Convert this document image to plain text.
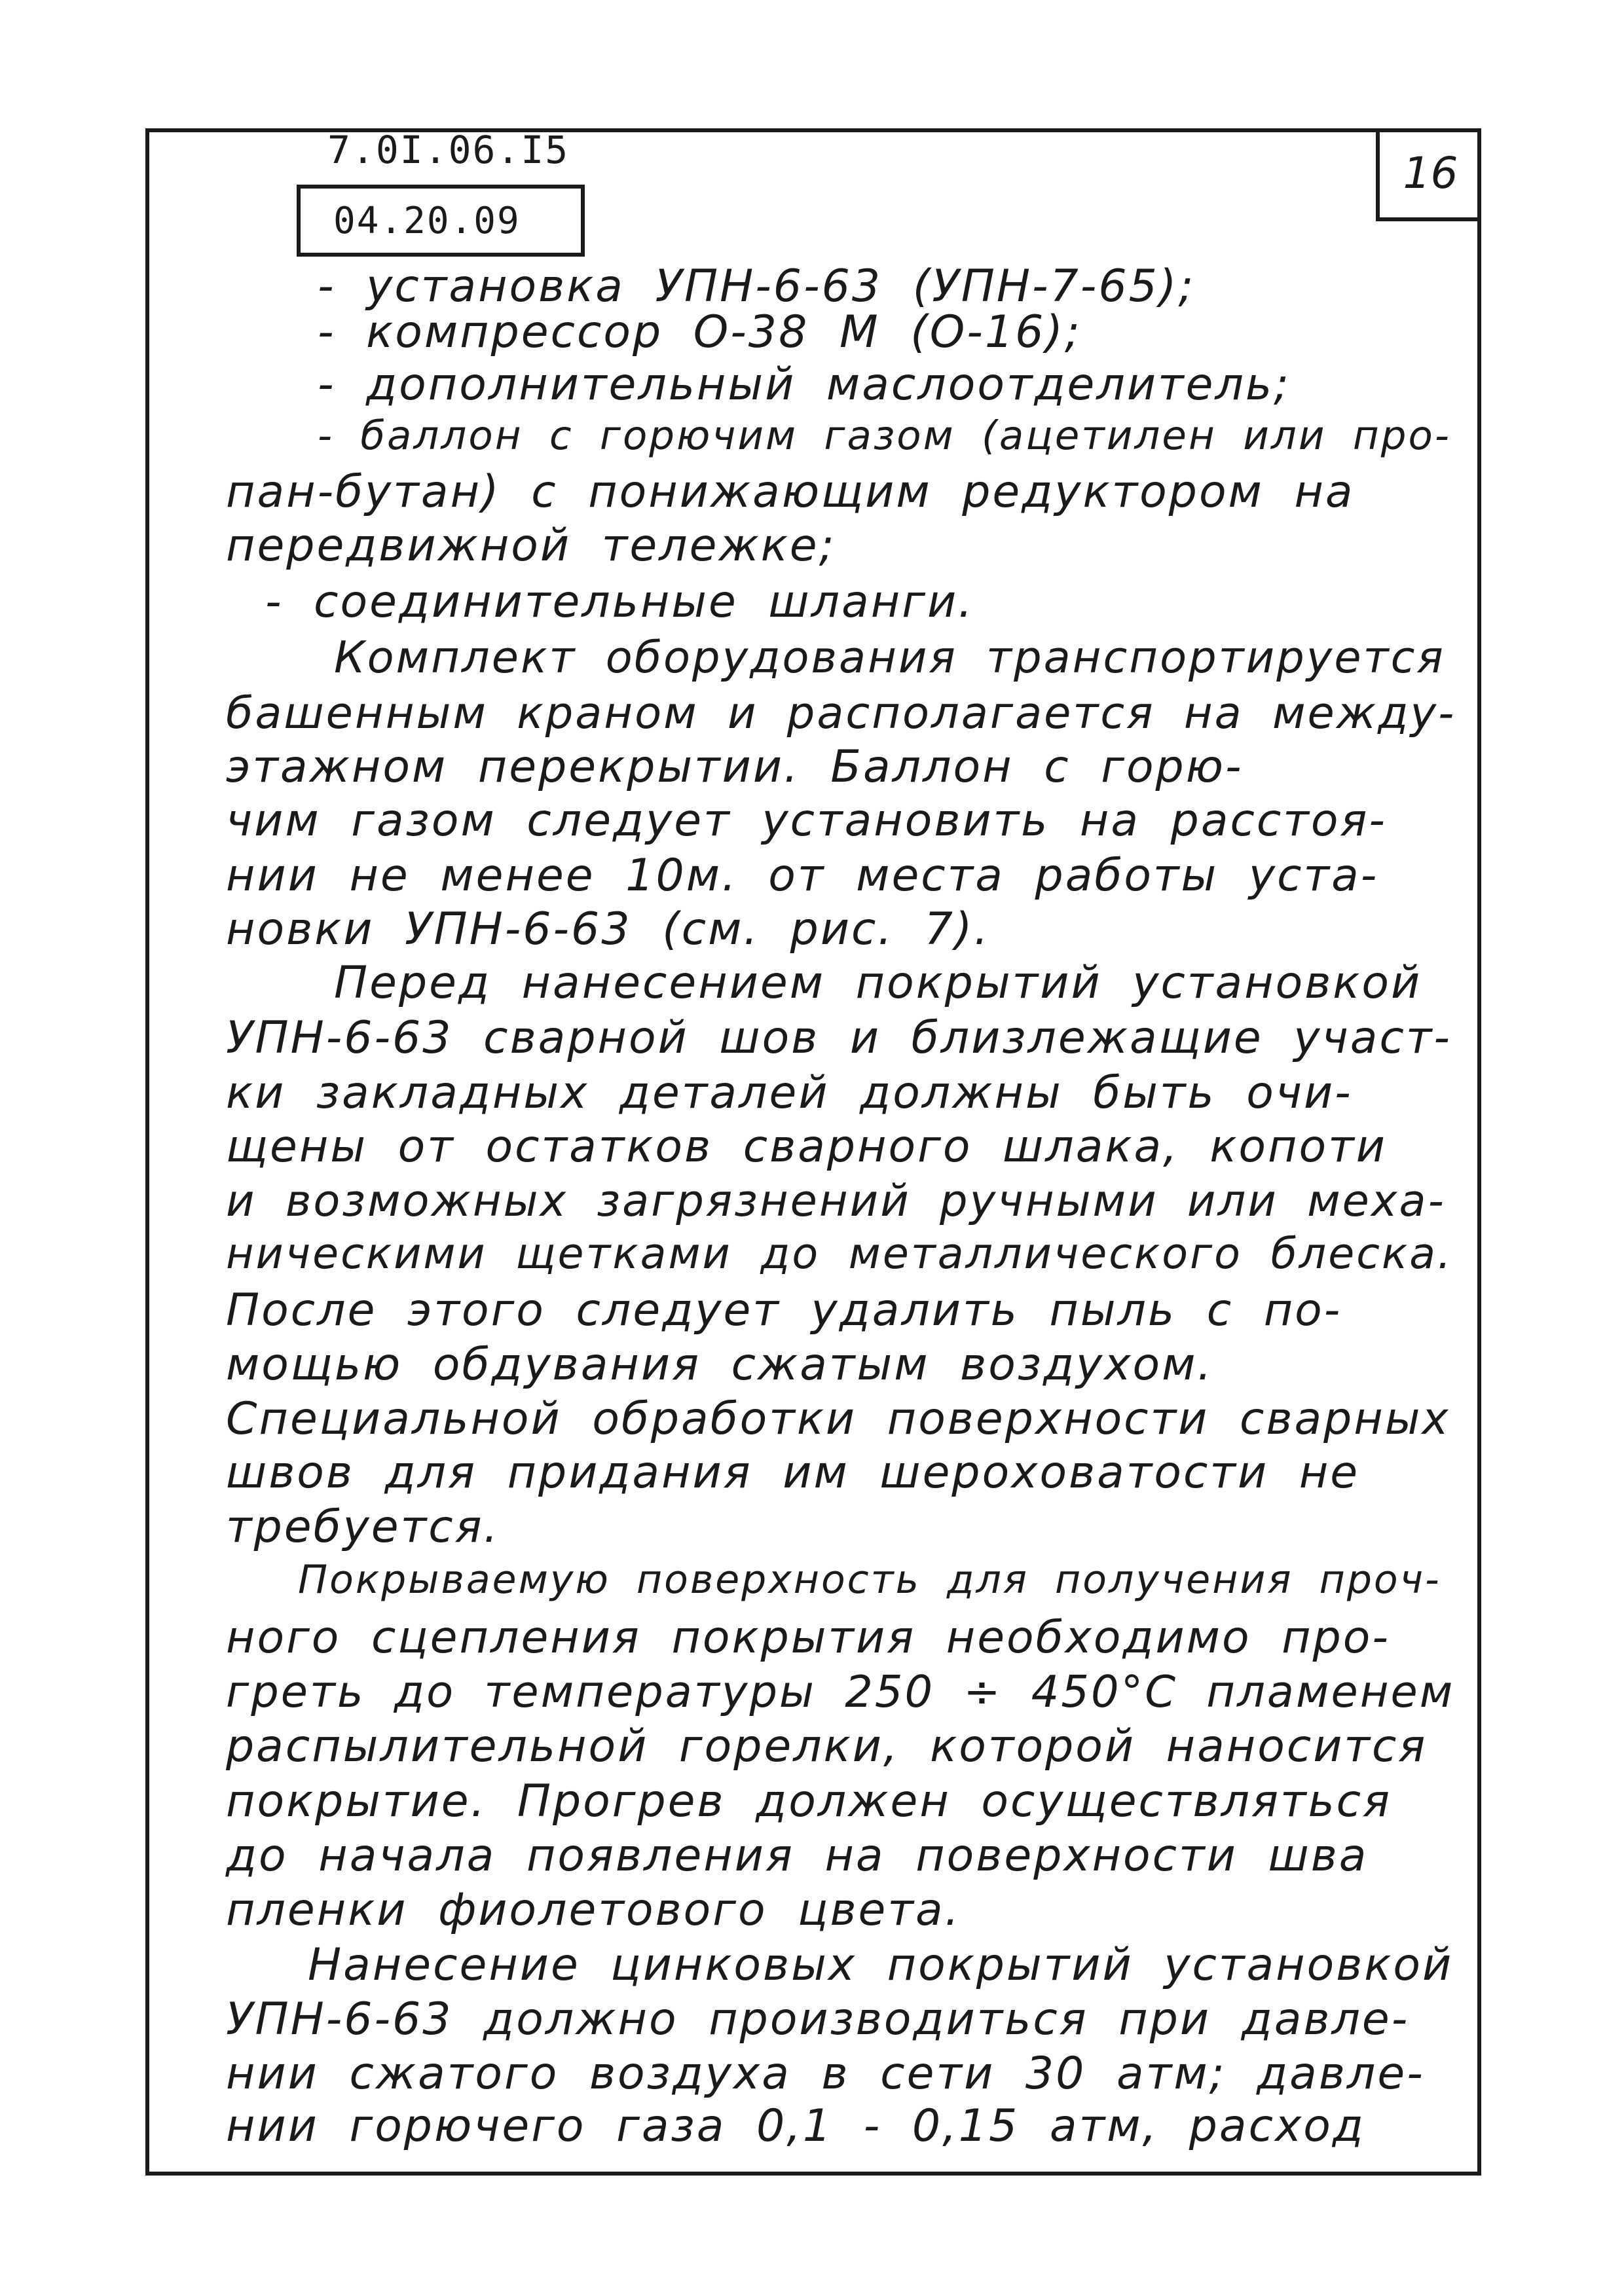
7.0I.06.I5
04.20.09
16
- установка УПН-6-63 (УПН-7-65);
- компрессор О-38 М (О-16);
- дополнительный маслоотделитель;
- баллон с горючим газом (ацетилен или про-
пан-бутан) с понижающим редуктором на
передвижной тележке;
- соединительные шланги.
Комплект оборудования транспортируется
башенным краном и располагается на между-
этажном перекрытии. Баллон с горю-
чим газом следует установить на расстоя-
нии не менее 10м. от места работы уста-
новки УПН-6-63 (см. рис. 7).
Перед нанесением покрытий установкой
УПН-6-63 сварной шов и близлежащие участ-
ки закладных деталей должны быть очи-
щены от остатков сварного шлака, копоти
и возможных загрязнений ручными или меха-
ническими щетками до металлического блеска.
После этого следует удалить пыль с по-
мощью обдувания сжатым воздухом.
Специальной обработки поверхности сварных
швов для придания им шероховатости не
требуется.
Покрываемую поверхность для получения проч-
ного сцепления покрытия необходимо про-
греть до температуры 250 ÷ 450°С пламенем
распылительной горелки, которой наносится
покрытие. Прогрев должен осуществляться
до начала появления на поверхности шва
пленки фиолетового цвета.
Нанесение цинковых покрытий установкой
УПН-6-63 должно производиться при давле-
нии сжатого воздуха в сети 30 атм; давле-
нии горючего газа 0,1 - 0,15 атм, расход
